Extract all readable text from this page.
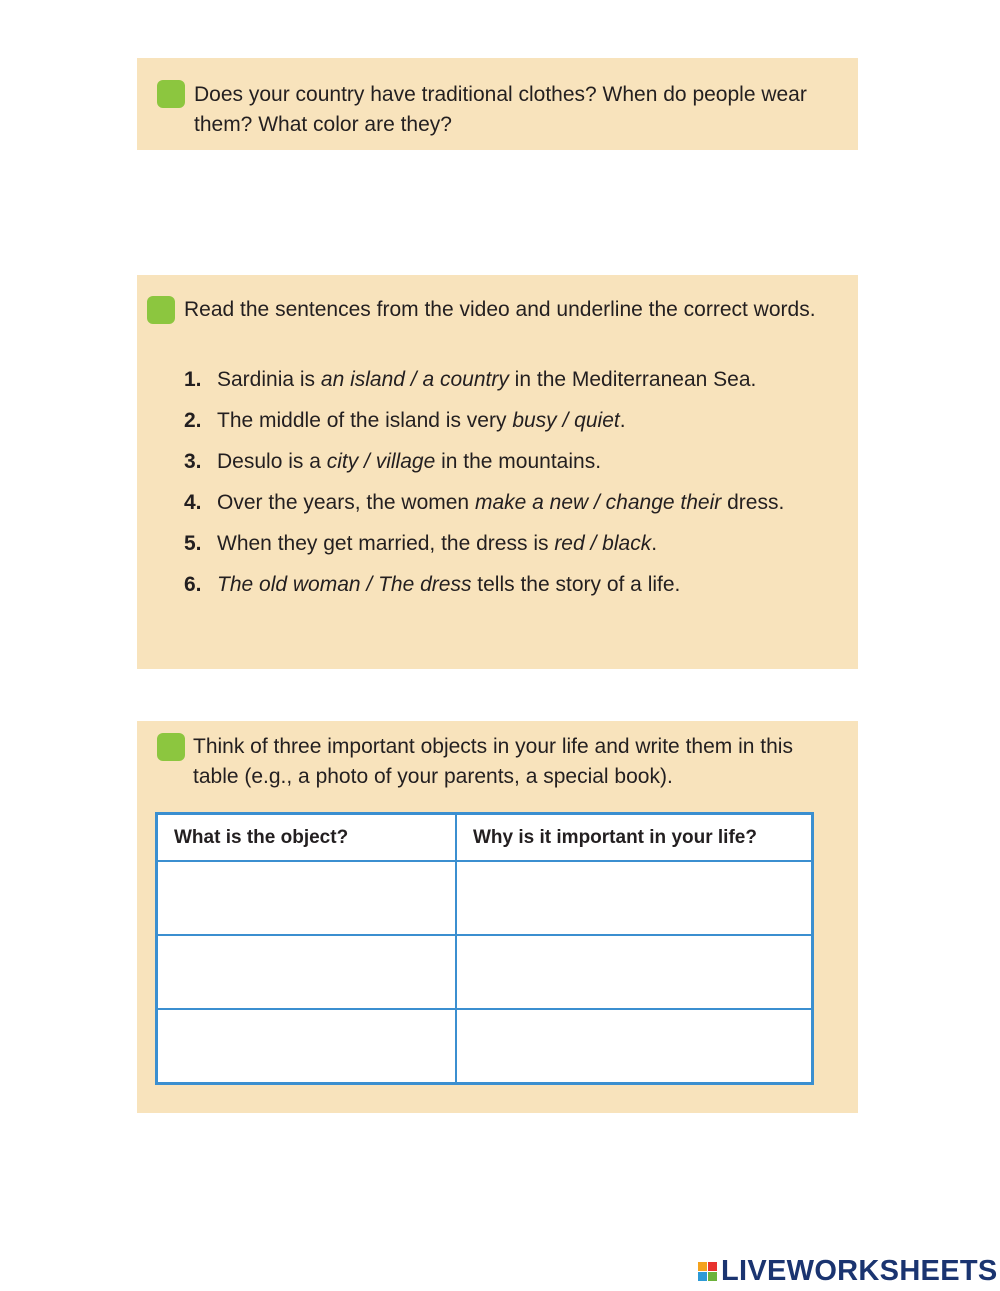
Does your country have traditional clothes? When do people wear them? What color are they?
Read the sentences from the video and underline the correct words.
1. Sardinia is an island / a country in the Mediterranean Sea.
2. The middle of the island is very busy / quiet.
3. Desulo is a city / village in the mountains.
4. Over the years, the women make a new / change their dress.
5. When they get married, the dress is red / black.
6. The old woman / The dress tells the story of a life.
Think of three important objects in your life and write them in this table (e.g., a photo of your parents, a special book).
What is the object?	Why is it important in your life?

LIVEWORKSHEETS
